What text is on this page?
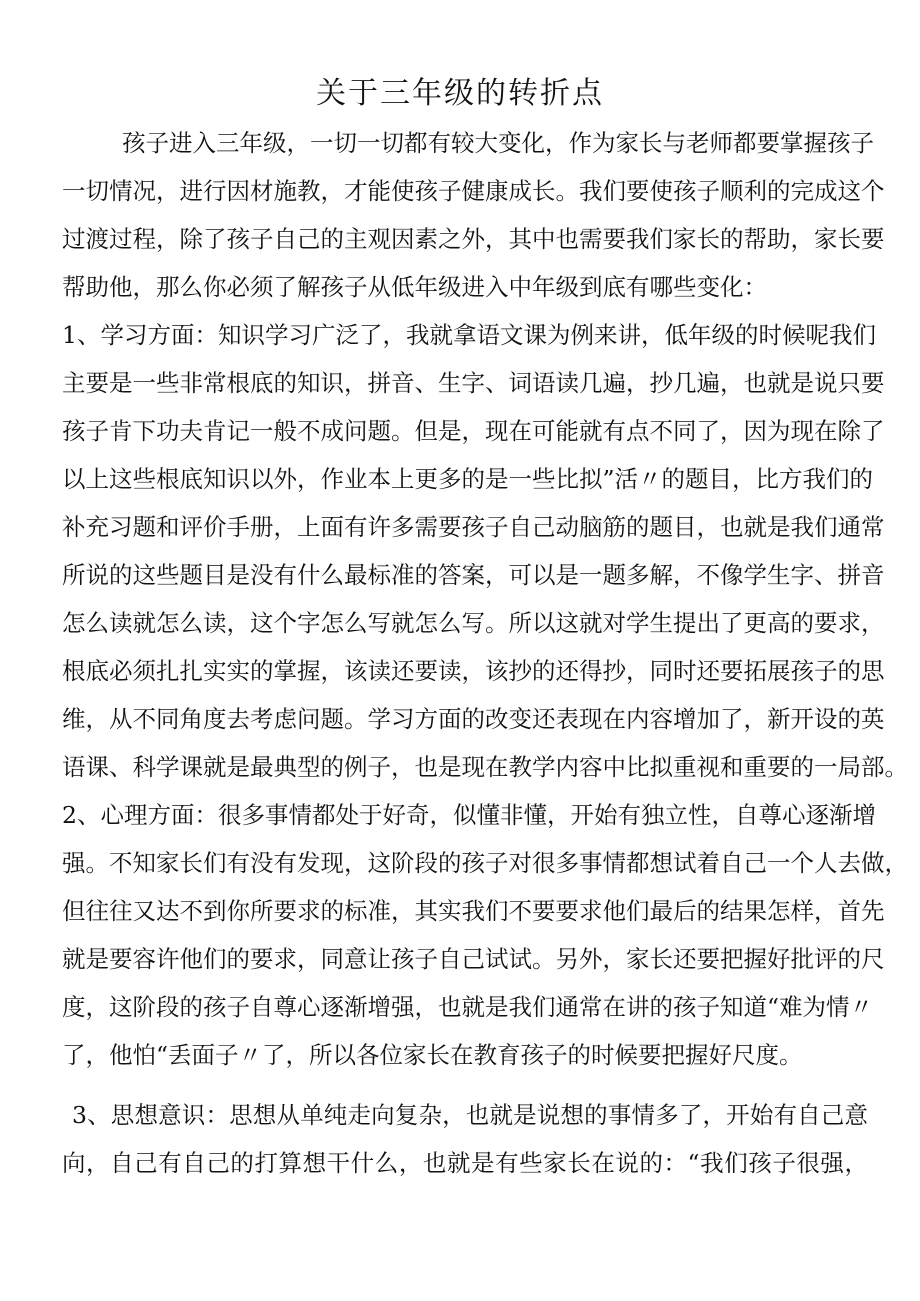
关于三年级的转折点

孩子进入三年级，一切一切都有较大变化，作为家长与老师都要掌握孩子

一切情况，进行因材施教，才能使孩子健康成长。我们要使孩子顺利的完成这个

过渡过程，除了孩子自己的主观因素之外，其中也需要我们家长的帮助，家长要

帮助他，那么你必须了解孩子从低年级进入中年级到底有哪些变化：

1、学习方面：知识学习广泛了，我就拿语文课为例来讲，低年级的时候呢我们

主要是一些非常根底的知识，拼音、生字、词语读几遍，抄几遍，也就是说只要

孩子肯下功夫肯记一般不成问题。但是，现在可能就有点不同了，因为现在除了

以上这些根底知识以外，作业本上更多的是一些比拟”活〃的题目，比方我们的

补充习题和评价手册，上面有许多需要孩子自己动脑筋的题目，也就是我们通常

所说的这些题目是没有什么最标准的答案，可以是一题多解，不像学生字、拼音

怎么读就怎么读，这个字怎么写就怎么写。所以这就对学生提出了更高的要求，

根底必须扎扎实实的掌握，该读还要读，该抄的还得抄，同时还要拓展孩子的思

维，从不同角度去考虑问题。学习方面的改变还表现在内容增加了，新开设的英

语课、科学课就是最典型的例子，也是现在教学内容中比拟重视和重要的一局部。

2、心理方面：很多事情都处于好奇，似懂非懂，开始有独立性，自尊心逐渐增

强。不知家长们有没有发现，这阶段的孩子对很多事情都想试着自己一个人去做，

但往往又达不到你所要求的标准，其实我们不要要求他们最后的结果怎样，首先

就是要容许他们的要求，同意让孩子自己试试。另外，家长还要把握好批评的尺

度，这阶段的孩子自尊心逐渐增强，也就是我们通常在讲的孩子知道“难为情〃

了，他怕“丢面子〃了，所以各位家长在教育孩子的时候要把握好尺度。

3、思想意识：思想从单纯走向复杂，也就是说想的事情多了，开始有自己意

向，自己有自己的打算想干什么，也就是有些家长在说的：“我们孩子很强，
